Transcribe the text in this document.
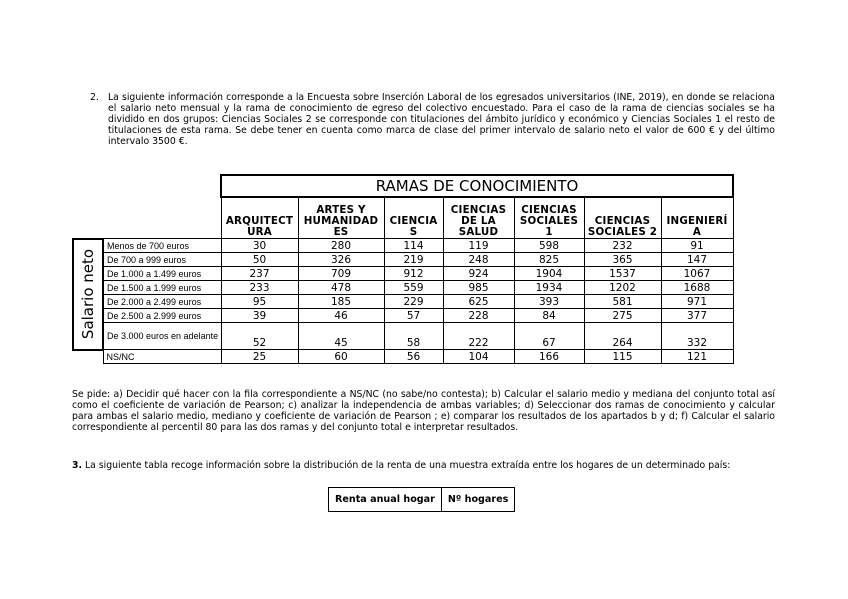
2. La siguiente información corresponde a la Encuesta sobre Inserción Laboral de los egresados universitarios (INE, 2019), en donde se relaciona el salario neto mensual y la rama de conocimiento de egreso del colectivo encuestado. Para el caso de la rama de ciencias sociales se ha dividido en dos grupos: Ciencias Sociales 2 se corresponde con titulaciones del ámbito jurídico y económico y Ciencias Sociales 1 el resto de titulaciones de esta rama. Se debe tener en cuenta como marca de clase del primer intervalo de salario neto el valor de 600 € y del último intervalo 3500 €.
		RAMAS DE CONOCIMIENTO						
		ARQUITECT URA	ARTES Y HUMANIDAD ES	CIENCIA S	CIENCIAS DE LA SALUD	CIENCIAS SOCIALES 1	CIENCIAS SOCIALES 2	INGENIERÍ A

Salario neto	Menos de 700 euros	30	280	114	119	598	232	91
	De 700 a 999 euros	50	326	219	248	825	365	147
	De 1.000 a 1.499 euros	237	709	912	924	1904	1537	1067
	De 1.500 a 1.999 euros	233	478	559	985	1934	1202	1688
	De 2.000 a 2.499 euros	95	185	229	625	393	581	971
	De 2.500 a 2.999 euros	39	46	57	228	84	275	377
	De 3.000 euros en adelante	52	45	58	222	67	264	332
	NS/NC	25	60	56	104	166	115	121
Se pide: a) Decidir qué hacer con la fila correspondiente a NS/NC (no sabe/no contesta); b) Calcular el salario medio y mediana del conjunto total así como el coeficiente de variación de Pearson; c) analizar la independencia de ambas variables; d) Seleccionar dos ramas de conocimiento y calcular para ambas el salario medio, mediano y coeficiente de variación de Pearson ; e) comparar los resultados de los apartados b y d; f) Calcular el salario correspondiente al percentil 80 para las dos ramas y del conjunto total e interpretar resultados.
3. La siguiente tabla recoge información sobre la distribución de la renta de una muestra extraída entre los hogares de un determinado país:
Renta anual hogar	Nº hogares
